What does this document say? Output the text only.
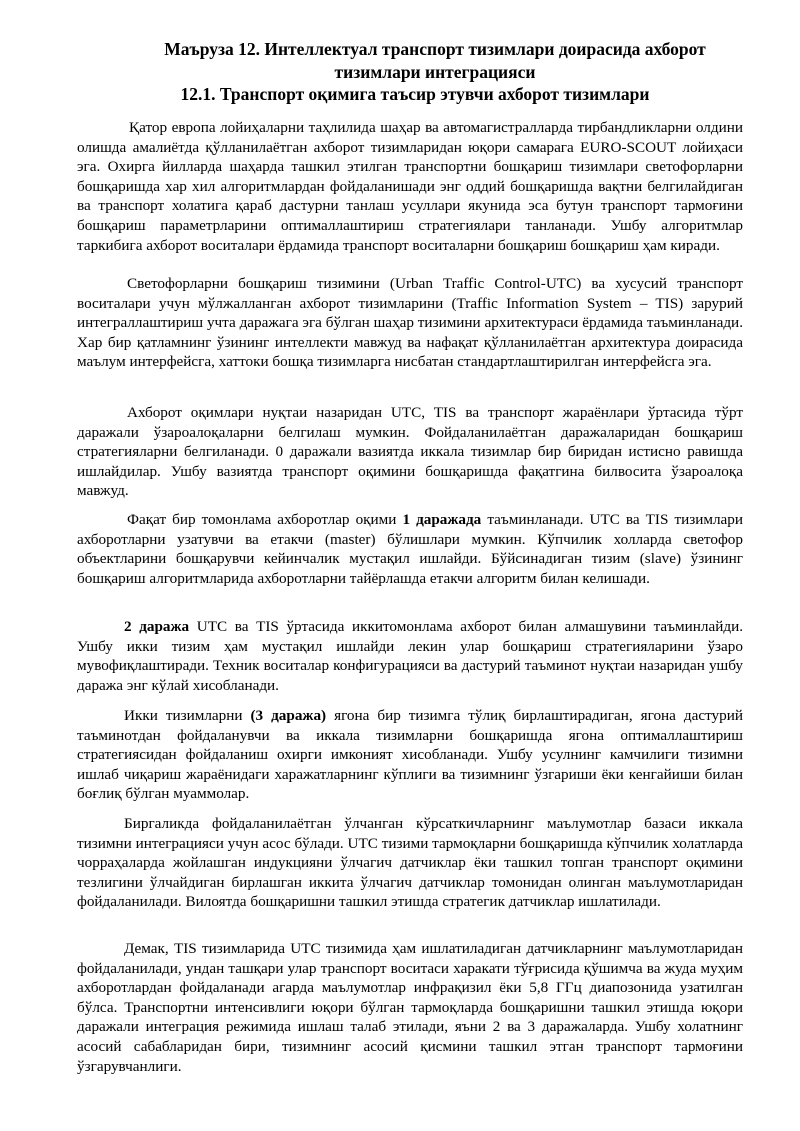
Маъруза 12. Интеллектуал транспорт тизимлари доирасида ахборот тизимлари интеграцияси
12.1. Транспорт оқимига таъсир этувчи ахборот тизимлари

Қатор европа лойиҳаларни таҳлилида шаҳар ва автомагистралларда тирбандликларни олдини олишда амалиётда қўлланилаётган ахборот тизимларидан юқори самарага EURO-SCOUT лойиҳаси эга. Охирга йилларда шаҳарда ташкил этилган транспортни бошқариш тизимлари светофорларни бошқаришда хар хил алгоритмлардан фойдаланишади энг оддий бошқаришда вақтни белгилайдиган ва транспорт холатига қараб дастурни танлаш усуллари якунида эса бутун транспорт тармоғини бошқариш параметрларини оптималлаштириш стратегиялари танланади. Ушбу алгоритмлар таркибига ахборот воситалари ёрдамида транспорт воситаларни бошқариш бошқариш ҳам киради.

Светофорларни бошқариш тизимини (Urban Traffic Control-UTC) ва хусусий транспорт воситалари учун мўлжалланган ахборот тизимларини (Traffic Information System – TIS) зарурий интеграллаштириш учта даражага эга бўлган шаҳар тизимини архитектураси ёрдамида таъминланади. Хар бир қатламнинг ўзининг интеллекти мавжуд ва нафақат қўлланилаётган архитектура доирасида маълум интерфейсга, хаттоки бошқа тизимларга нисбатан стандартлаштирилган интерфейсга эга.

Ахборот оқимлари нуқтаи назаридан UTC, TIS ва транспорт жараёнлари ўртасида тўрт даражали ўзароалоқаларни белгилаш мумкин. Фойдаланилаётган даражаларидан бошқариш стратегияларни белгиланади. 0 даражали вазиятда иккала тизимлар бир биридан истисно равишда ишлайдилар. Ушбу вазиятда транспорт оқимини бошқаришда фақатгина билвосита ўзароалоқа мавжуд.

Фақат бир томонлама ахборотлар оқими 1 даражада таъминланади. UTC ва TIS тизимлари ахборотларни узатувчи ва етакчи (master) бўлишлари мумкин. Кўпчилик холларда светофор объектларини бошқарувчи кейинчалик мустақил ишлайди. Бўйсинадиган тизим (slave) ўзининг бошқариш алгоритмларида ахборотларни тайёрлашда етакчи алгоритм билан келишади.

2 даража UTC ва TIS ўртасида иккитомонлама ахборот билан алмашувини таъминлайди. Ушбу икки тизим ҳам мустақил ишлайди лекин улар бошқариш стратегияларини ўзаро мувофиқлаштиради. Техник воситалар конфигурацияси ва дастурий таъминот нуқтаи назаридан ушбу даража энг кўлай хисобланади.

Икки тизимларни (3 даража) ягона бир тизимга тўлиқ бирлаштирадиган, ягона дастурий таъминотдан фойдаланувчи ва иккала тизимларни бошқаришда ягона оптималлаштириш стратегиясидан фойдаланиш охирги имконият хисобланади. Ушбу усулнинг камчилиги тизимни ишлаб чиқариш жараёнидаги харажатларнинг кўплиги ва тизимнинг ўзгариши ёки кенгайиши билан боғлиқ бўлган муаммолар.

Биргаликда фойдаланилаётган ўлчанган кўрсаткичларнинг маълумотлар базаси иккала тизимни интеграцияси учун асос бўлади. UTC тизими тармоқларни бошқаришда кўпчилик холатларда чорраҳаларда жойлашган индукцияни ўлчагич датчиклар ёки ташкил топган транспорт оқимини тезлигини ўлчайдиган бирлашган иккита ўлчагич датчиклар томонидан олинган маълумотларидан фойдаланилади. Вилоятда бошқаришни ташкил этишда стратегик датчиклар ишлатилади.

Демак, TIS тизимларида UTC тизимида ҳам ишлатиладиган датчикларнинг маълумотларидан фойдаланилади, ундан ташқари улар транспорт воситаси харакати тўғрисида қўшимча ва жуда муҳим ахборотлардан фойдаланади агарда маълумотлар инфрақизил ёки 5,8 ГГц диапозонида узатилган бўлса. Транспортни интенсивлиги юқори бўлган тармоқларда бошқаришни ташкил этишда юқори даражали интеграция режимида ишлаш талаб этилади, яъни 2 ва 3 даражаларда. Ушбу холатнинг асосий сабабларидан бири, тизимнинг асосий қисмини ташкил этган транспорт тармоғини ўзгарувчанлиги.
